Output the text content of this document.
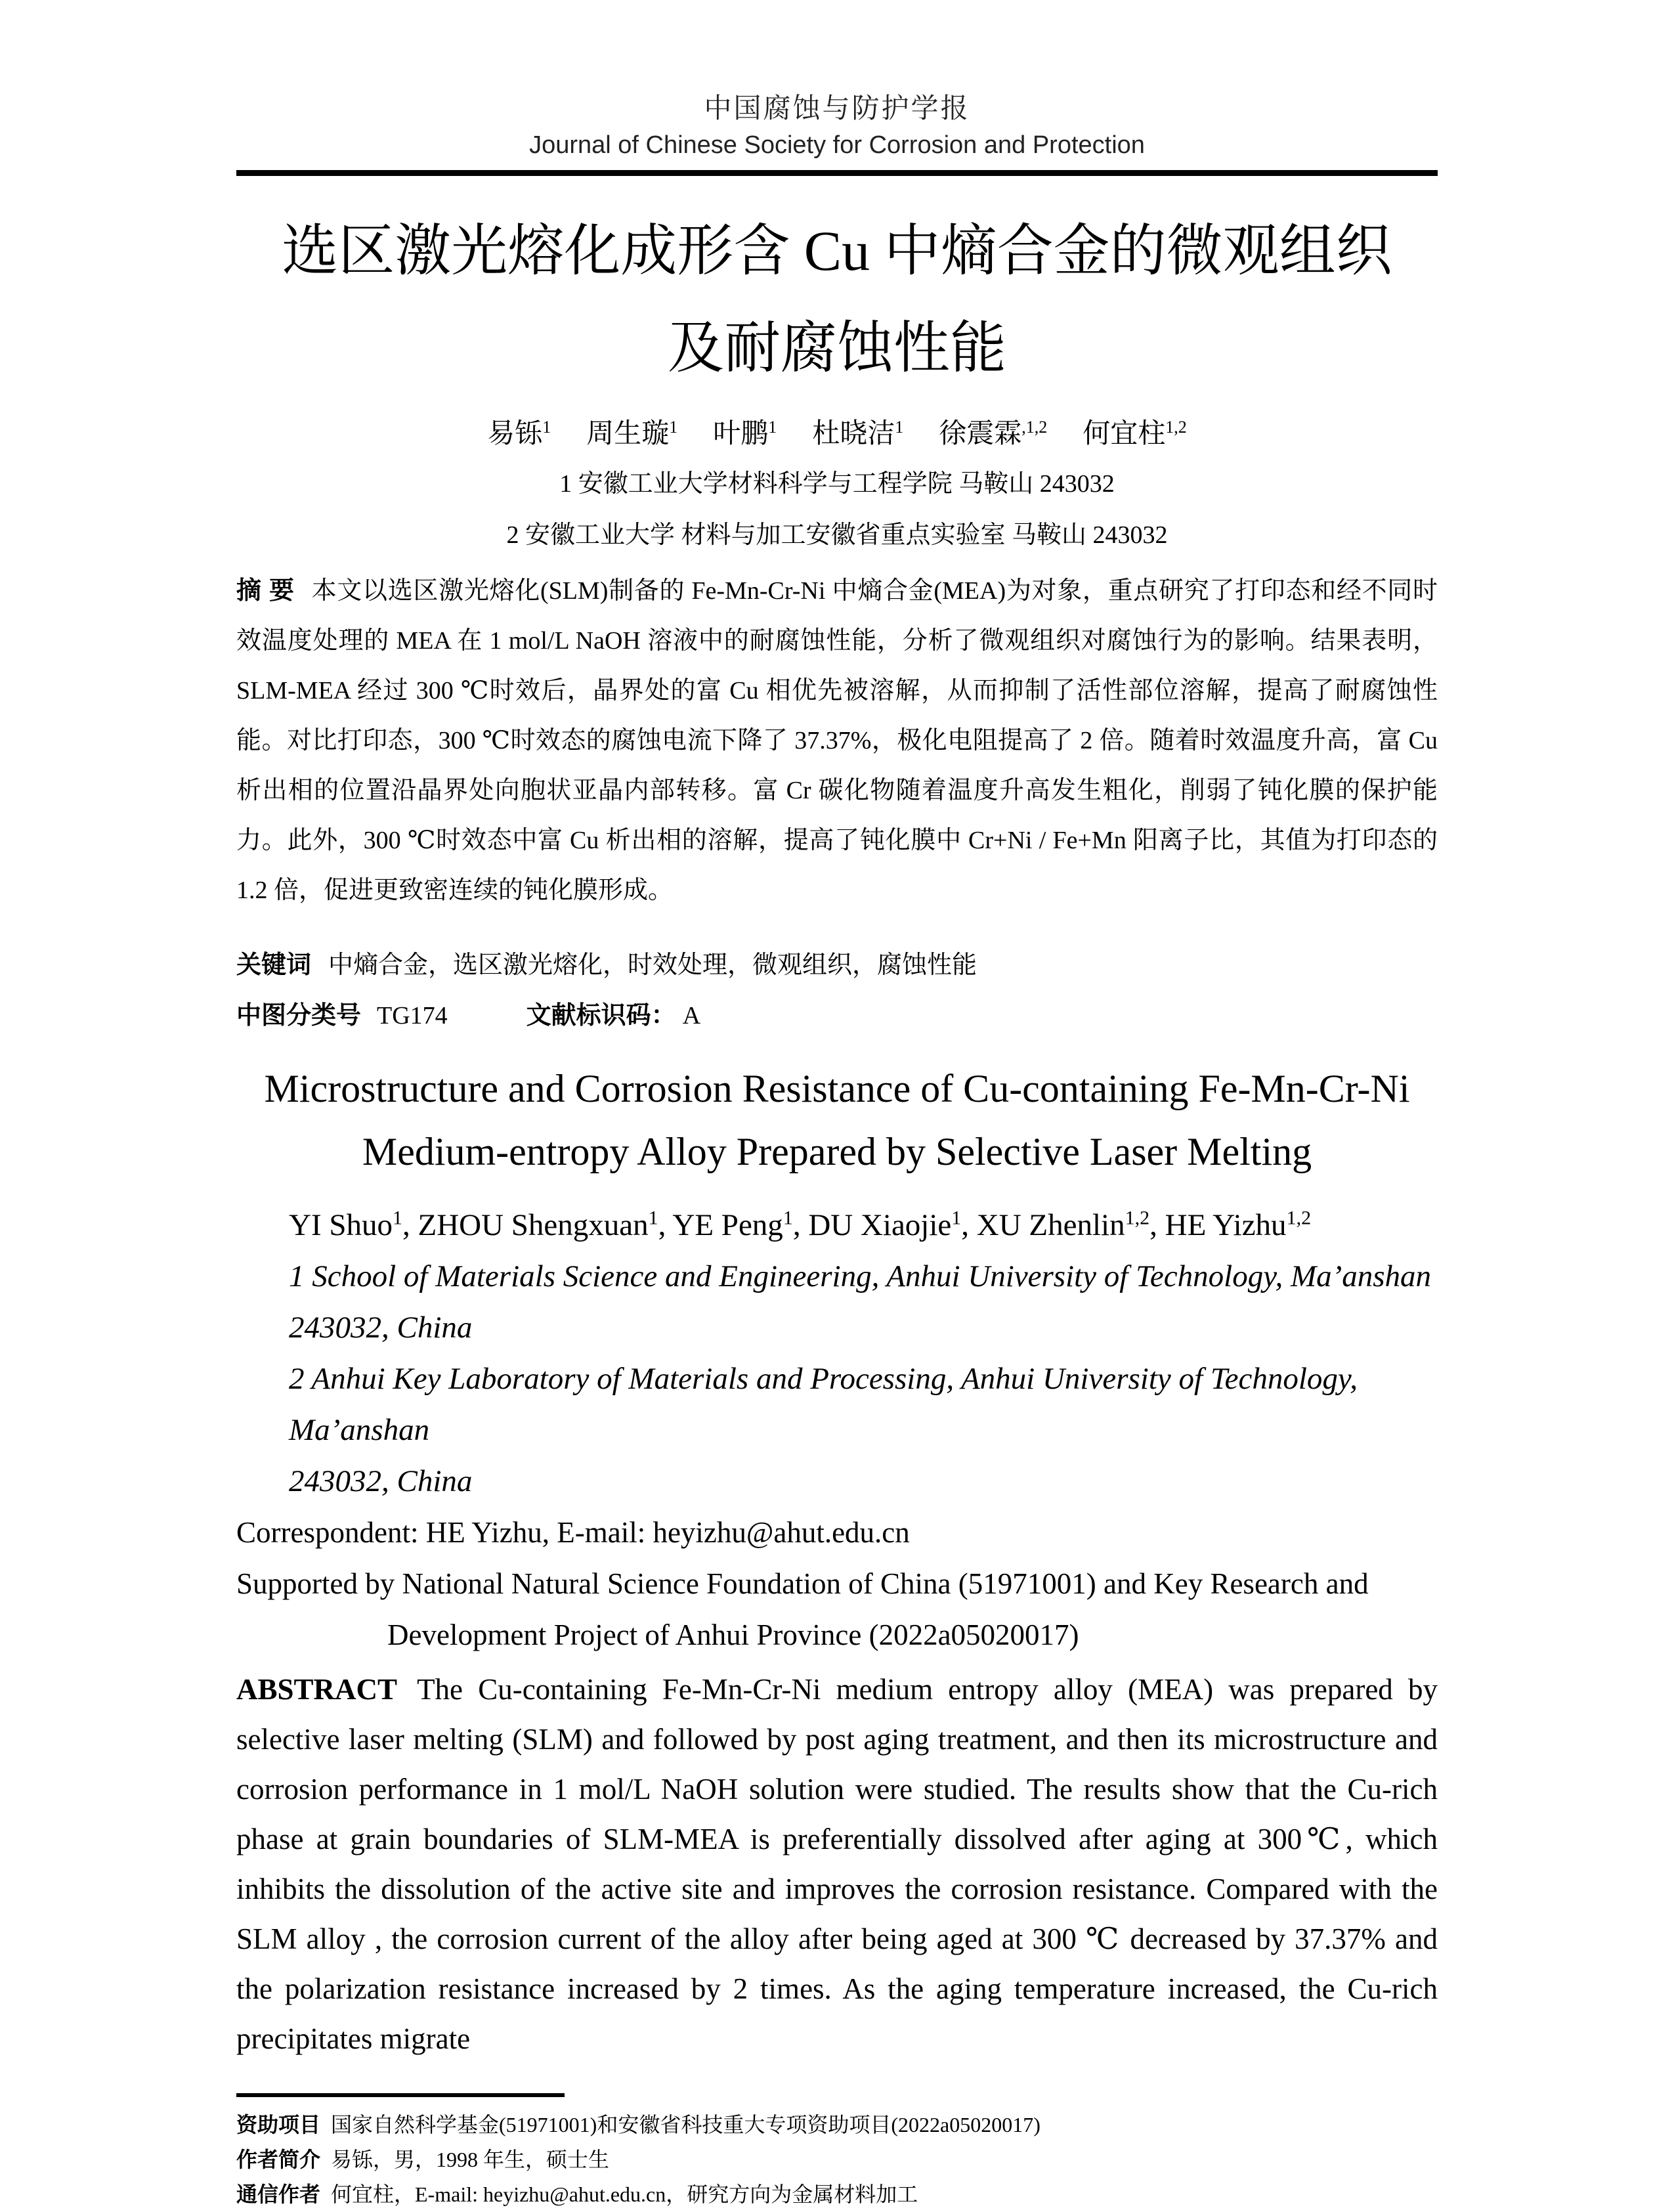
中国腐蚀与防护学报
Journal of Chinese Society for Corrosion and Protection
选区激光熔化成形含 Cu 中熵合金的微观组织
及耐腐蚀性能
易铄$^1$ 周生璇$^1$ 叶鹏$^1$ 杜晓洁$^1$ 徐震霖$^{,1,2}$ 何宜柱$^{1,2}$
1 安徽工业大学材料科学与工程学院 马鞍山 243032
2 安徽工业大学 材料与加工安徽省重点实验室 马鞍山 243032

摘 要 本文以选区激光熔化(SLM)制备的 Fe-Mn-Cr-Ni 中熵合金(MEA)为对象，重点研究了打印态和经不同时效温度处理的 MEA 在 1 mol/L NaOH 溶液中的耐腐蚀性能，分析了微观组织对腐蚀行为的影响。结果表明，SLM-MEA 经过 300 ℃时效后，晶界处的富 Cu 相优先被溶解，从而抑制了活性部位溶解，提高了耐腐蚀性能。对比打印态，300 ℃时效态的腐蚀电流下降了 37.37%，极化电阻提高了 2 倍。随着时效温度升高，富 Cu 析出相的位置沿晶界处向胞状亚晶内部转移。富 Cr 碳化物随着温度升高发生粗化，削弱了钝化膜的保护能力。此外，300 ℃时效态中富 Cu 析出相的溶解，提高了钝化膜中 Cr+Ni / Fe+Mn 阳离子比，其值为打印态的 1.2 倍，促进更致密连续的钝化膜形成。

关键词 中熵合金，选区激光熔化，时效处理，微观组织，腐蚀性能
中图分类号 TG174	文献标识码： A
Microstructure and Corrosion Resistance of Cu-containing Fe-Mn-Cr-Ni
Medium-entropy Alloy Prepared by Selective Laser Melting
YI Shuo$^1$, ZHOU Shengxuan$^1$, YE Peng$^1$, DU Xiaojie$^1$, XU Zhenlin$^{1,2}$, HE Yizhu$^{1,2}$
1 School of Materials Science and Engineering, Anhui University of Technology, Ma’anshan
243032, China
2 Anhui Key Laboratory of Materials and Processing, Anhui University of Technology, Ma’anshan
243032, China
Correspondent: HE Yizhu, E-mail: heyizhu@ahut.edu.cn
Supported by National Natural Science Foundation of China (51971001) and Key Research and
Development Project of Anhui Province (2022a05020017)

ABSTRACT The Cu-containing Fe-Mn-Cr-Ni medium entropy alloy (MEA) was prepared by selective laser melting (SLM) and followed by post aging treatment, and then its microstructure and corrosion performance in 1 mol/L NaOH solution were studied. The results show that the Cu-rich phase at grain boundaries of SLM-MEA is preferentially dissolved after aging at 300℃, which inhibits the dissolution of the active site and improves the corrosion resistance. Compared with the SLM alloy , the corrosion current of the alloy after being aged at 300 ℃ decreased by 37.37% and the polarization resistance increased by 2 times. As the aging temperature increased, the Cu-rich precipitates migrate

资助项目 国家自然科学基金(51971001)和安徽省科技重大专项资助项目(2022a05020017)
作者简介 易铄，男，1998 年生，硕士生
通信作者 何宜柱，E-mail: heyizhu@ahut.edu.cn，研究方向为金属材料加工
